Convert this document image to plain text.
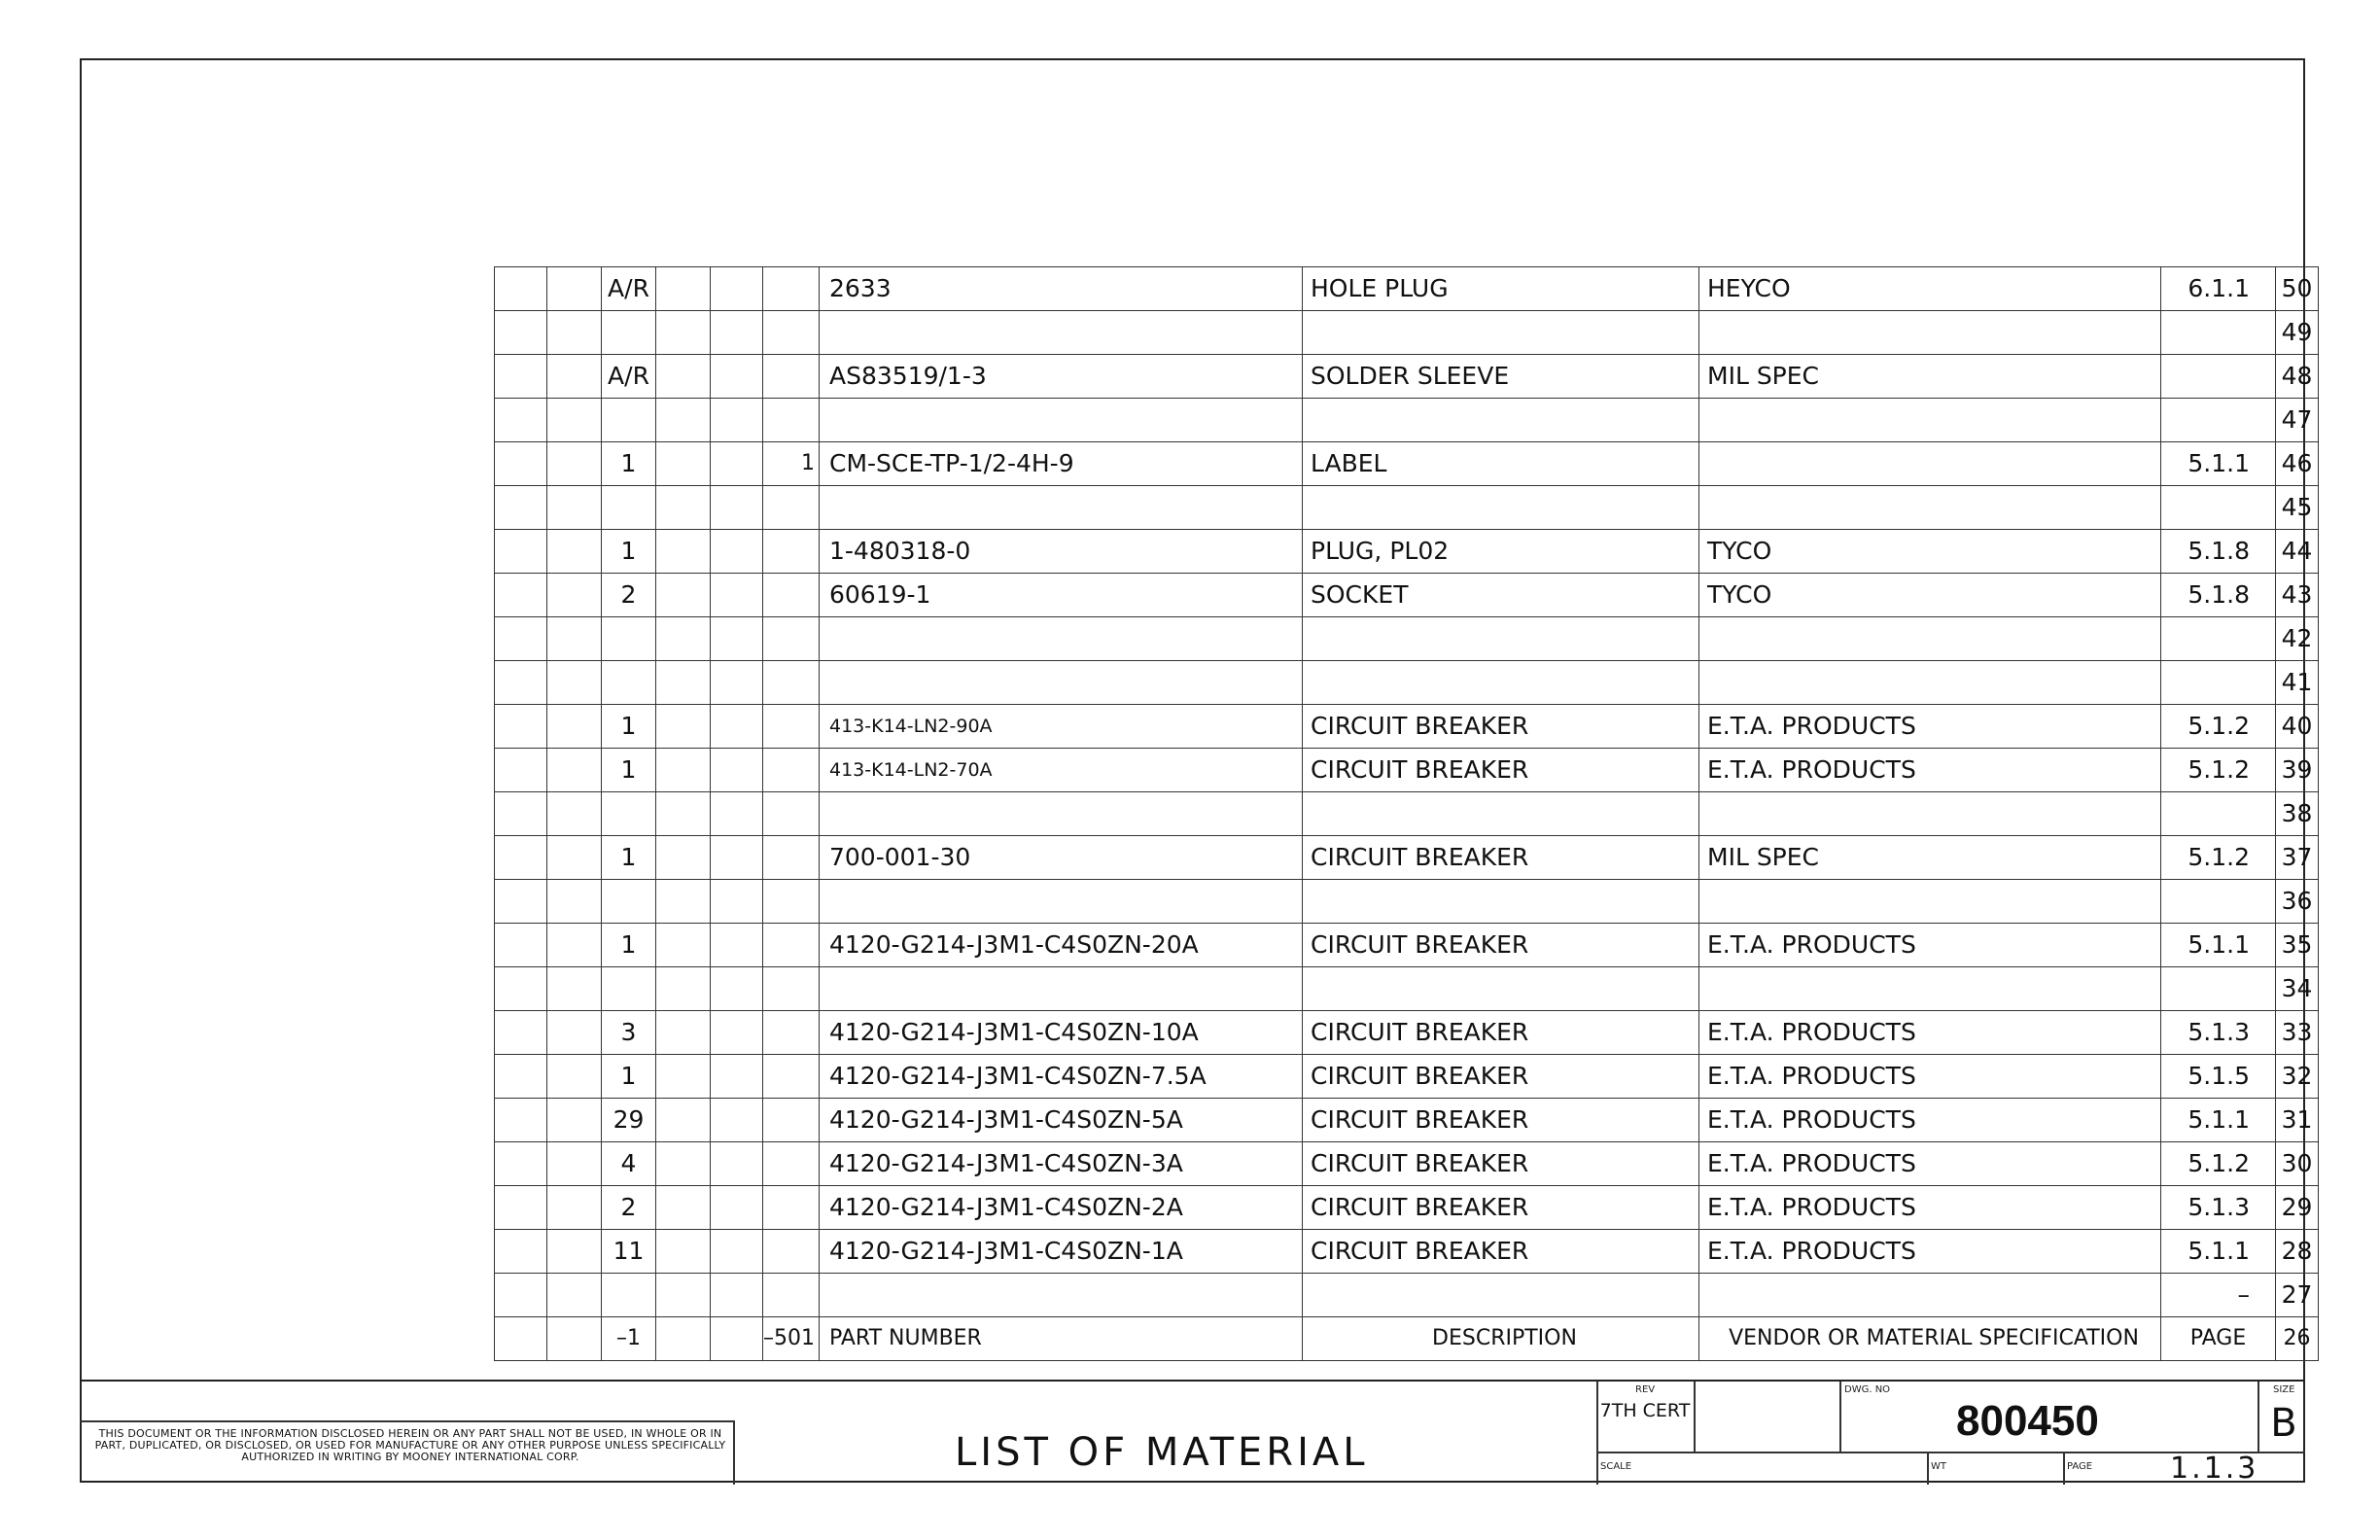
		A/R				2633	HOLE PLUG	HEYCO	6.1.1	50
										49
		A/R				AS83519/1-3	SOLDER SLEEVE	MIL SPEC		48
										47
		1			1	CM-SCE-TP-1/2-4H-9	LABEL		5.1.1	46
										45
		1				1-480318-0	PLUG, PL02	TYCO	5.1.8	44
		2				60619-1	SOCKET	TYCO	5.1.8	43
										42
										41
		1				413-K14-LN2-90A	CIRCUIT BREAKER	E.T.A. PRODUCTS	5.1.2	40
		1				413-K14-LN2-70A	CIRCUIT BREAKER	E.T.A. PRODUCTS	5.1.2	39
										38
		1				700-001-30	CIRCUIT BREAKER	MIL SPEC	5.1.2	37
										36
		1				4120-G214-J3M1-C4S0ZN-20A	CIRCUIT BREAKER	E.T.A. PRODUCTS	5.1.1	35
										34
		3				4120-G214-J3M1-C4S0ZN-10A	CIRCUIT BREAKER	E.T.A. PRODUCTS	5.1.3	33
		1				4120-G214-J3M1-C4S0ZN-7.5A	CIRCUIT BREAKER	E.T.A. PRODUCTS	5.1.5	32
		29				4120-G214-J3M1-C4S0ZN-5A	CIRCUIT BREAKER	E.T.A. PRODUCTS	5.1.1	31
		4				4120-G214-J3M1-C4S0ZN-3A	CIRCUIT BREAKER	E.T.A. PRODUCTS	5.1.2	30
		2				4120-G214-J3M1-C4S0ZN-2A	CIRCUIT BREAKER	E.T.A. PRODUCTS	5.1.3	29
		11				4120-G214-J3M1-C4S0ZN-1A	CIRCUIT BREAKER	E.T.A. PRODUCTS	5.1.1	28
									–	27
		–1			–501	PART NUMBER	DESCRIPTION	VENDOR OR MATERIAL SPECIFICATION	PAGE	26
THIS DOCUMENT OR THE INFORMATION DISCLOSED HEREIN OR ANY PART SHALL NOT BE USED, IN WHOLE OR IN PART, DUPLICATED, OR DISCLOSED, OR USED FOR MANUFACTURE OR ANY OTHER PURPOSE UNLESS SPECIFICALLY AUTHORIZED IN WRITING BY MOONEY INTERNATIONAL CORP.	LIST OF MATERIAL
REV
7TH CERT
DWG. NO
800450
SIZE
B
SCALE	WT	PAGE	1.1.3
